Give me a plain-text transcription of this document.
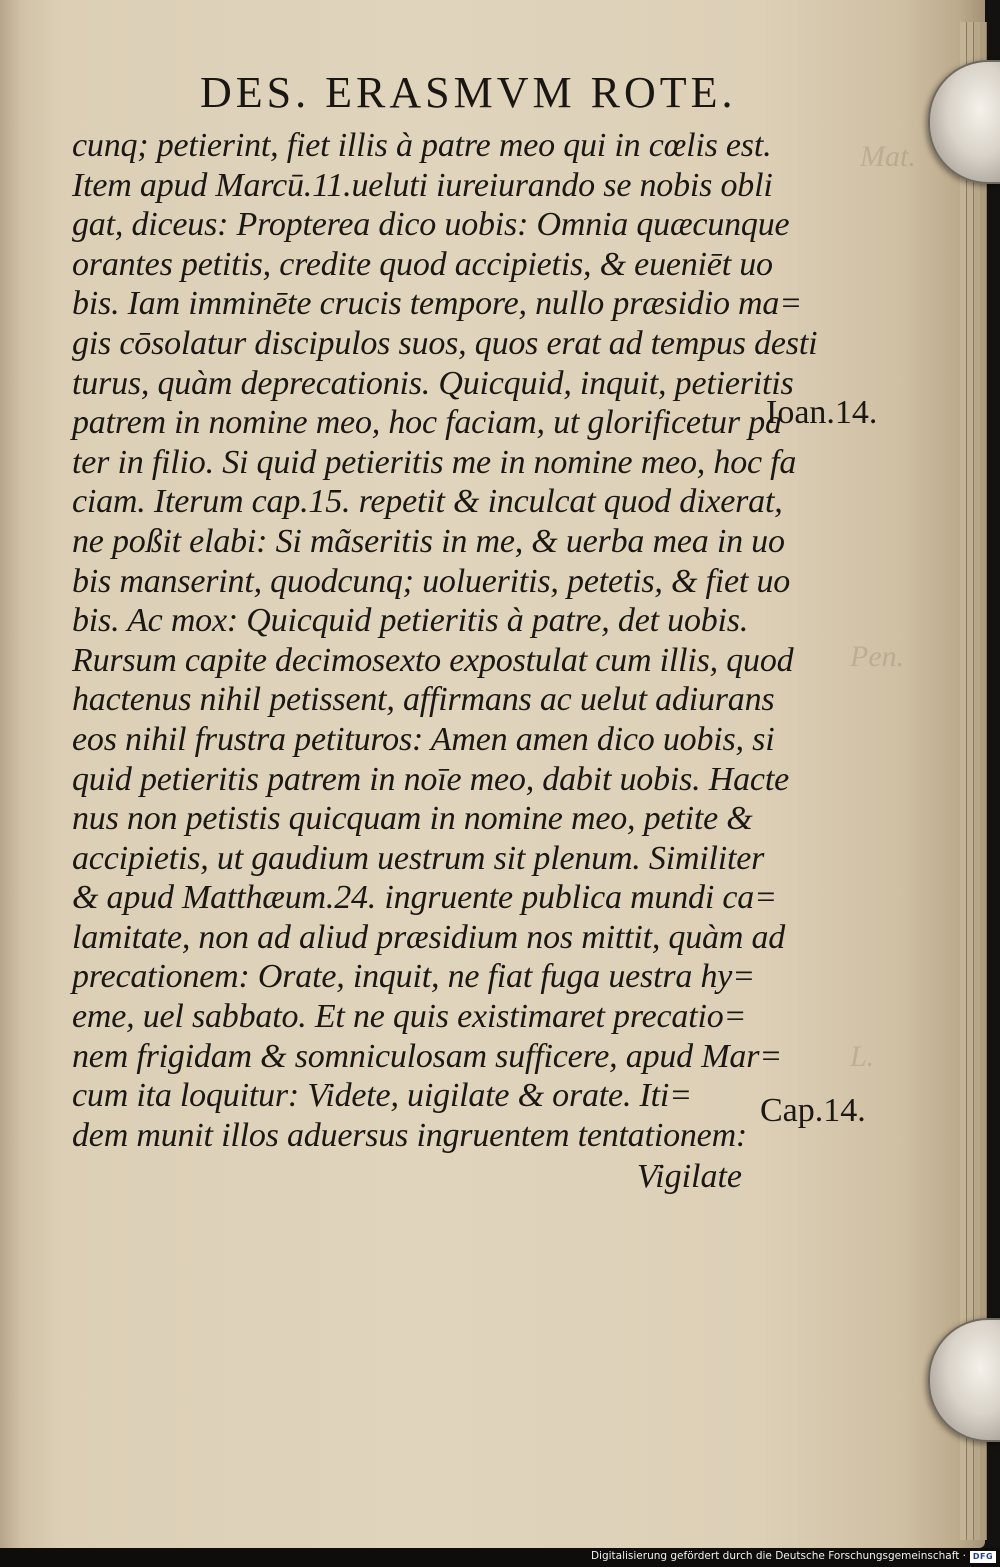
Mat.
Pen.
L.
DES. ERASMVM ROTE.
cunq; petierint, fiet illis à patre meo qui in cœlis est.
Item apud Marcū.11.ueluti iureiurando se nobis obli
gat, diceus: Propterea dico uobis: Omnia quæcunque
orantes petitis, credite quod accipietis, & eueniēt uo
bis. Iam imminēte crucis tempore, nullo præsidio ma=
gis cōsolatur discipulos suos, quos erat ad tempus desti
turus, quàm deprecationis. Quicquid, inquit, petieritis
patrem in nomine meo, hoc faciam, ut glorificetur pa
ter in filio. Si quid petieritis me in nomine meo, hoc fa
ciam. Iterum cap.15. repetit & inculcat quod dixerat,
ne poßit elabi: Si mãseritis in me, & uerba mea in uo
bis manserint, quodcunq; uolueritis, petetis, & fiet uo
bis. Ac mox: Quicquid petieritis à patre, det uobis.
Rursum capite decimosexto expostulat cum illis, quod
hactenus nihil petissent, affirmans ac uelut adiurans
eos nihil frustra petituros: Amen amen dico uobis, si
quid petieritis patrem in noīe meo, dabit uobis. Hacte
nus non petistis quicquam in nomine meo, petite &
accipietis, ut gaudium uestrum sit plenum. Similiter
& apud Matthæum.24. ingruente publica mundi ca=
lamitate, non ad aliud præsidium nos mittit, quàm ad
precationem: Orate, inquit, ne fiat fuga uestra hy=
eme, uel sabbato. Et ne quis existimaret precatio=
nem frigidam & somniculosam sufficere, apud Mar=
cum ita loquitur: Videte, uigilate & orate. Iti=
dem munit illos aduersus ingruentem tentationem:
Vigilate
Ioan.14.
Cap.14.
Digitalisierung gefördert durch die Deutsche Forschungsgemeinschaft · DFG
